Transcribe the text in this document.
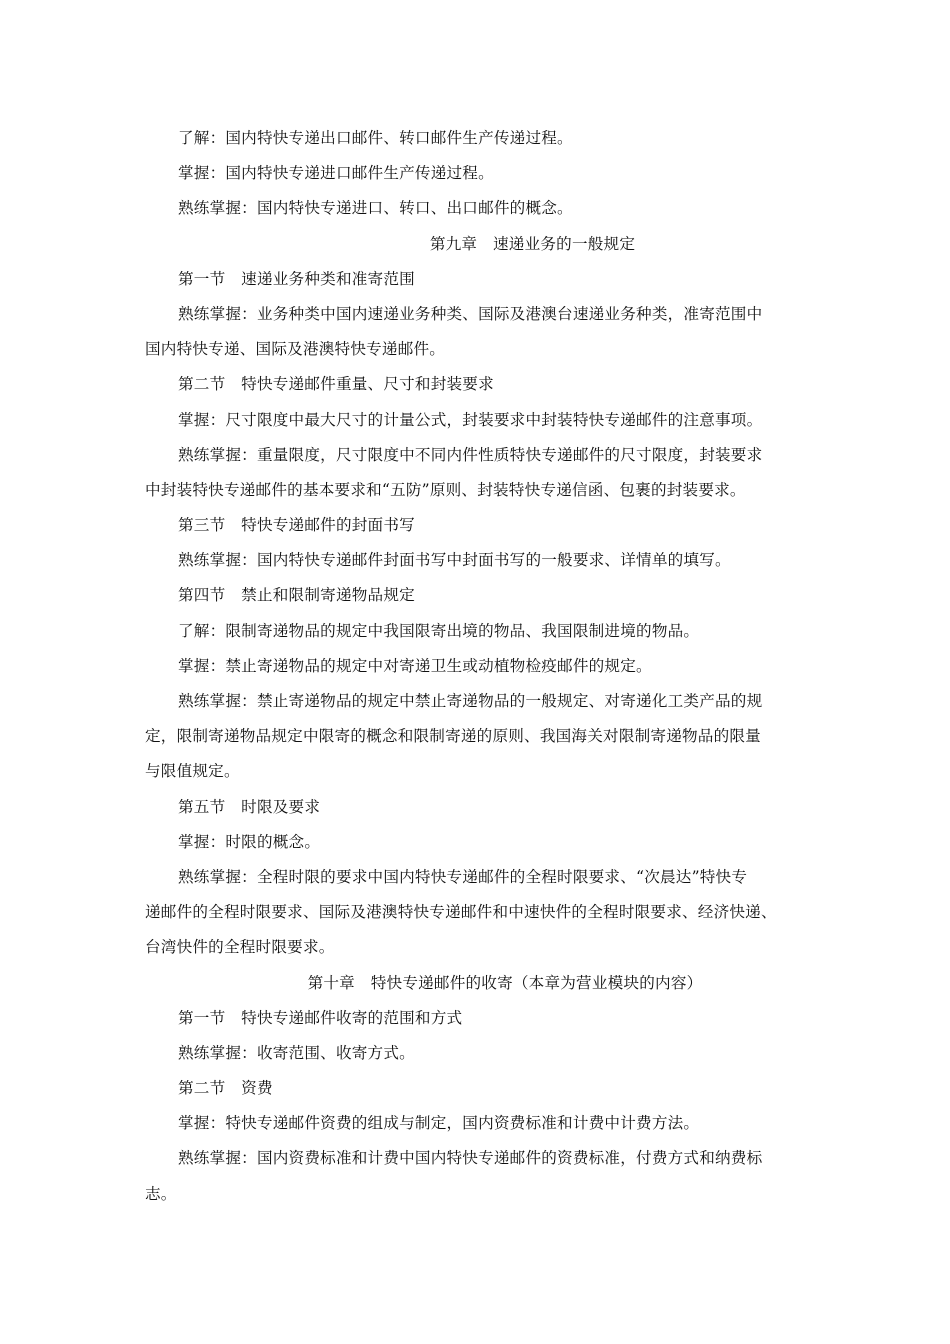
了解：国内特快专递出口邮件、转口邮件生产传递过程。

掌握：国内特快专递进口邮件生产传递过程。

熟练掌握：国内特快专递进口、转口、出口邮件的概念。

第九章　速递业务的一般规定

第一节　速递业务种类和准寄范围

熟练掌握：业务种类中国内速递业务种类、国际及港澳台速递业务种类，准寄范围中

国内特快专递、国际及港澳特快专递邮件。

第二节　特快专递邮件重量、尺寸和封装要求

掌握：尺寸限度中最大尺寸的计量公式，封装要求中封装特快专递邮件的注意事项。

熟练掌握：重量限度，尺寸限度中不同内件性质特快专递邮件的尺寸限度，封装要求

中封装特快专递邮件的基本要求和“五防”原则、封装特快专递信函、包裹的封装要求。

第三节　特快专递邮件的封面书写

熟练掌握：国内特快专递邮件封面书写中封面书写的一般要求、详情单的填写。

第四节　禁止和限制寄递物品规定

了解：限制寄递物品的规定中我国限寄出境的物品、我国限制进境的物品。

掌握：禁止寄递物品的规定中对寄递卫生或动植物检疫邮件的规定。

熟练掌握：禁止寄递物品的规定中禁止寄递物品的一般规定、对寄递化工类产品的规

定，限制寄递物品规定中限寄的概念和限制寄递的原则、我国海关对限制寄递物品的限量

与限值规定。

第五节　时限及要求

掌握：时限的概念。

熟练掌握：全程时限的要求中国内特快专递邮件的全程时限要求、“次晨达”特快专

递邮件的全程时限要求、国际及港澳特快专递邮件和中速快件的全程时限要求、经济快递、

台湾快件的全程时限要求。

第十章　特快专递邮件的收寄（本章为营业模块的内容）

第一节　特快专递邮件收寄的范围和方式

熟练掌握：收寄范围、收寄方式。

第二节　资费

掌握：特快专递邮件资费的组成与制定，国内资费标准和计费中计费方法。

熟练掌握：国内资费标准和计费中国内特快专递邮件的资费标准，付费方式和纳费标

志。
